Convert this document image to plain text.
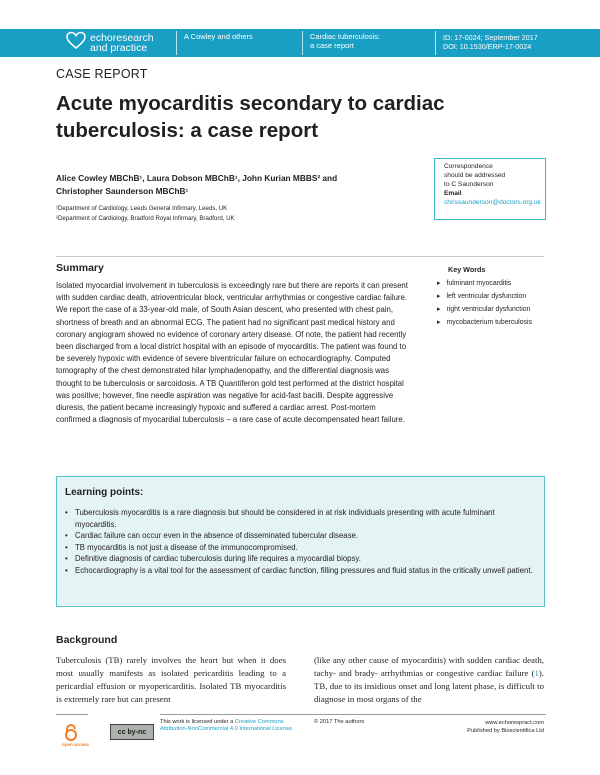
echoresearch
and practice
A Cowley and others	Cardiac tuberculosis:
a case report
ID: 17-0024; September 2017
DOI: 10.1530/ERP-17-0024
CASE REPORT
Acute myocarditis secondary to cardiac tuberculosis: a case report
Alice Cowley MBChB¹, Laura Dobson MBChB¹, John Kurian MBBS² and
Christopher Saunderson MBChB¹
¹Department of Cardiology, Leeds General Infirmary, Leeds, UK
²Department of Cardiology, Bradford Royal Infirmary, Bradford, UK
Correspondence
should be addressed
to C Saunderson
Email
chrissaunderson@doctors.org.uk
Summary

Isolated myocardial involvement in tuberculosis is exceedingly rare but there are reports it can present with sudden cardiac death, atrioventricular block, ventricular arrhythmias or congestive cardiac failure. We report the case of a 33-year-old male, of South Asian descent, who presented with chest pain, shortness of breath and an abnormal ECG. The patient had no significant past medical history and coronary angiogram showed no evidence of coronary artery disease. Of note, the patient had recently been discharged from a local district hospital with an episode of myocarditis. The patient was found to be severely hypoxic with evidence of severe biventricular failure on echocardiography. Computed tomography of the chest demonstrated hilar lymphadenopathy, and the differential diagnosis was thought to be tuberculosis or sarcoidosis. A TB Quantiferon gold test performed at the district hospital was positive; however, fine needle aspiration was negative for acid-fast bacilli. Despite aggressive diuresis, the patient became increasingly hypoxic and suffered a cardiac arrest. Post-mortem confirmed a diagnosis of myocardial tuberculosis – a rare case of acute decompensated heart failure.

Key Words
▸ fulminant myocarditis
▸ left ventricular dysfunction
▸ right ventricular dysfunction
▸ mycobacterium tuberculosis
Learning points:
• Tuberculosis myocarditis is a rare diagnosis but should be considered in at risk individuals presenting with acute fulminant myocarditis.
• Cardiac failure can occur even in the absence of disseminated tubercular disease.
• TB myocarditis is not just a disease of the immunocompromised.
• Definitive diagnosis of cardiac tuberculosis during life requires a myocardial biopsy.
• Echocardiography is a vital tool for the assessment of cardiac function, filling pressures and fluid status in the critically unwell patient.
Background

Tuberculosis (TB) rarely involves the heart but when it does most usually manifests as isolated pericarditis leading to a pericardial effusion or myopericarditis. Isolated TB myocarditis is extremely rare but can present

(like any other cause of myocarditis) with sudden cardiac death, tachy- and brady- arrhythmias or congestive cardiac failure (1). TB, due to its insidious onset and long latent phase, is difficult to diagnose in most organs of the

open access
cc by-nc
This work is licensed under a Creative Commons Attribution-NonCommercial 4.0 International License.
© 2017 The authors	www.echorespract.com
Published by Bioscientifica Ltd
